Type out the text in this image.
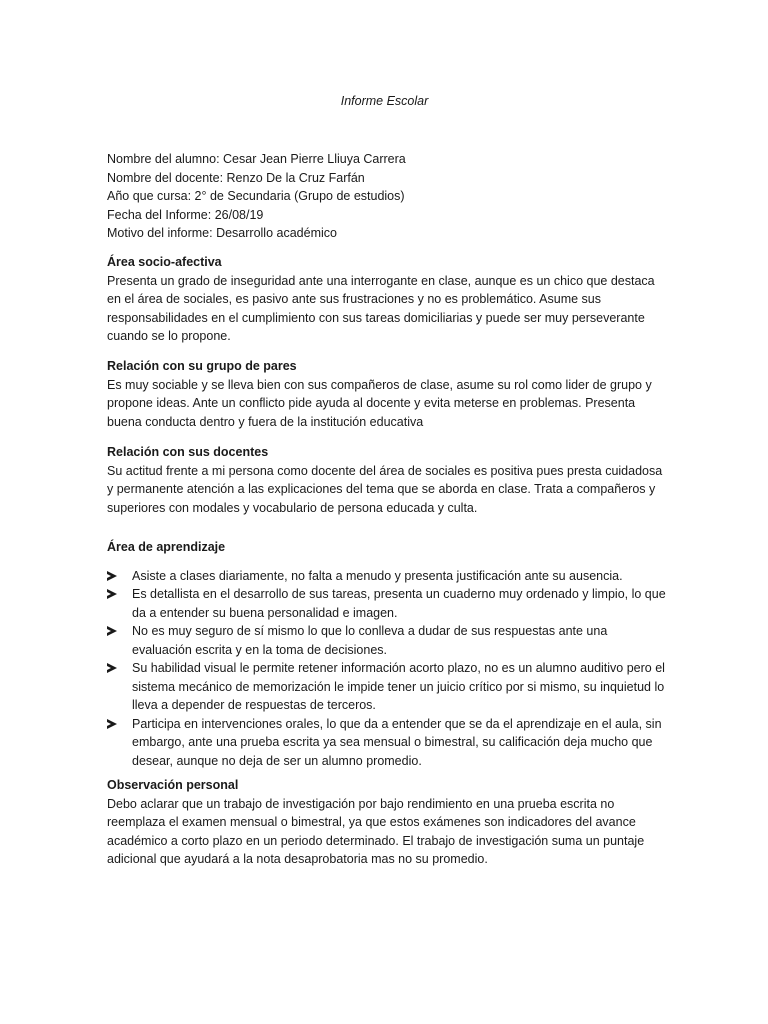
Informe Escolar

Nombre del alumno: Cesar Jean Pierre Lliuya Carrera

Nombre del docente: Renzo De la Cruz Farfán

Año que cursa: 2° de Secundaria (Grupo de estudios)

Fecha del Informe: 26/08/19

Motivo del informe: Desarrollo académico

Área socio-afectiva

Presenta un grado de inseguridad ante una interrogante en clase, aunque es un chico que destaca en el área de sociales, es pasivo ante sus frustraciones y no es problemático. Asume sus responsabilidades en el cumplimiento con sus tareas domiciliarias y puede ser muy perseverante cuando se lo propone.

Relación con su grupo de pares

Es muy sociable y se lleva bien con sus compañeros de clase, asume su rol como lider de grupo y propone ideas. Ante un conflicto pide ayuda al docente y evita meterse en problemas. Presenta buena conducta dentro y fuera de la institución educativa

Relación con sus docentes

Su actitud frente a mi persona como docente del área de sociales es positiva pues presta cuidadosa y permanente atención a las explicaciones del tema que se aborda en clase. Trata a compañeros y superiores con modales y vocabulario de persona educada y culta.

Área de aprendizaje
Asiste a clases diariamente, no falta a menudo y presenta justificación ante su ausencia.
Es detallista en el desarrollo de sus tareas, presenta un cuaderno muy ordenado y limpio, lo que da a entender su buena personalidad e imagen.
No es muy seguro de sí mismo lo que lo conlleva a dudar de sus respuestas ante una evaluación escrita y en la toma de decisiones.
Su habilidad visual le permite retener información acorto plazo, no es un alumno auditivo pero el sistema mecánico de memorización le impide tener un juicio crítico por si mismo, su inquietud lo lleva a depender de respuestas de terceros.
Participa en intervenciones orales, lo que da a entender que se da el aprendizaje en el aula, sin embargo, ante una prueba escrita ya sea mensual o bimestral, su calificación deja mucho que desear, aunque no deja de ser un alumno promedio.
Observación personal

Debo aclarar que un trabajo de investigación por bajo rendimiento en una prueba escrita no reemplaza el examen mensual o bimestral, ya que estos exámenes son indicadores del avance académico a corto plazo en un periodo determinado. El trabajo de investigación suma un puntaje adicional que ayudará a la nota desaprobatoria mas no su promedio.
